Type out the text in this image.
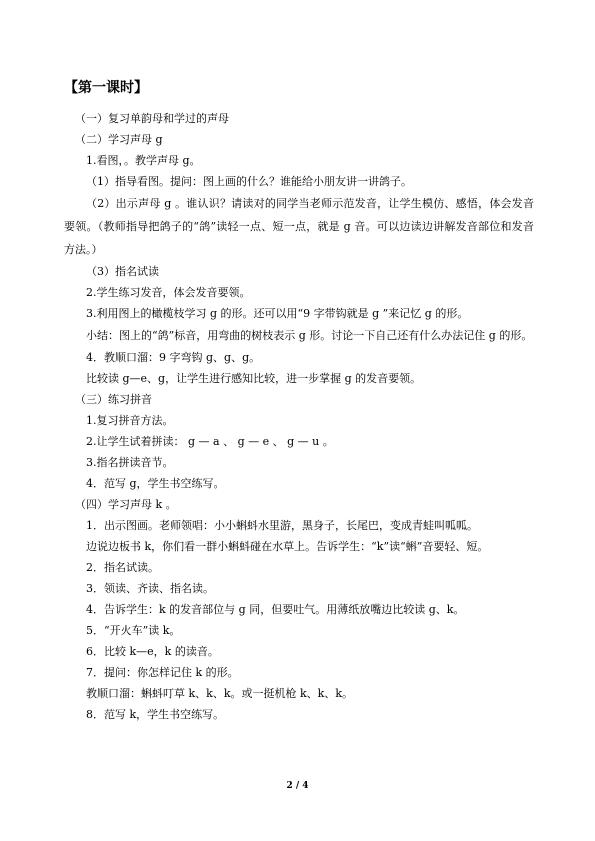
【第一课时】

（一）复习单韵母和学过的声母

（二）学习声母 g

1.看图，。教学声母 g。

（1）指导看图。提问：图上画的什么？谁能给小朋友讲一讲鸽子。

（2）出示声母 g 。谁认识？请读对的同学当老师示范发音，让学生模仿、感悟，体会发音要领。（教师指导把鸽子的“鸽”读轻一点、短一点，就是 g 音。可以边读边讲解发音部位和发音方法。）

（3）指名试读

2.学生练习发音，体会发音要领。

3.利用图上的橄榄枝学习 g 的形。还可以用“9 字带钩就是 g ”来记忆 g 的形。

小结：图上的“鸽”标音，用弯曲的树枝表示 g 形。讨论一下自己还有什么办法记住 g 的形。

4．教顺口溜：9 字弯钩 g、g、g。

比较读 g—e、g，让学生进行感知比较，进一步掌握 g 的发音要领。

（三）练习拼音

1.复习拼音方法。

2.让学生试着拼读： g — a 、 g — e 、 g — u 。

3.指名拼读音节。

4．范写 g，学生书空练写。

（四）学习声母 k 。

1．出示图画。老师领唱：小小蝌蚪水里游，黑身子，长尾巴，变成青蛙叫呱呱。

边说边板书 k，你们看一群小蝌蚪碰在水草上。告诉学生：“k”读“蝌”音要轻、短。

2．指名试读。

3．领读、齐读、指名读。

4．告诉学生：k 的发音部位与 g 同，但要吐气。用薄纸放嘴边比较读 g、k。

5．“开火车”读 k。

6．比较 k—e，k 的读音。

7．提问：你怎样记住 k 的形。

教顺口溜：蝌蚪叮草 k、k、k。或一挺机枪 k、k、k。

8．范写 k，学生书空练写。

2 / 4
